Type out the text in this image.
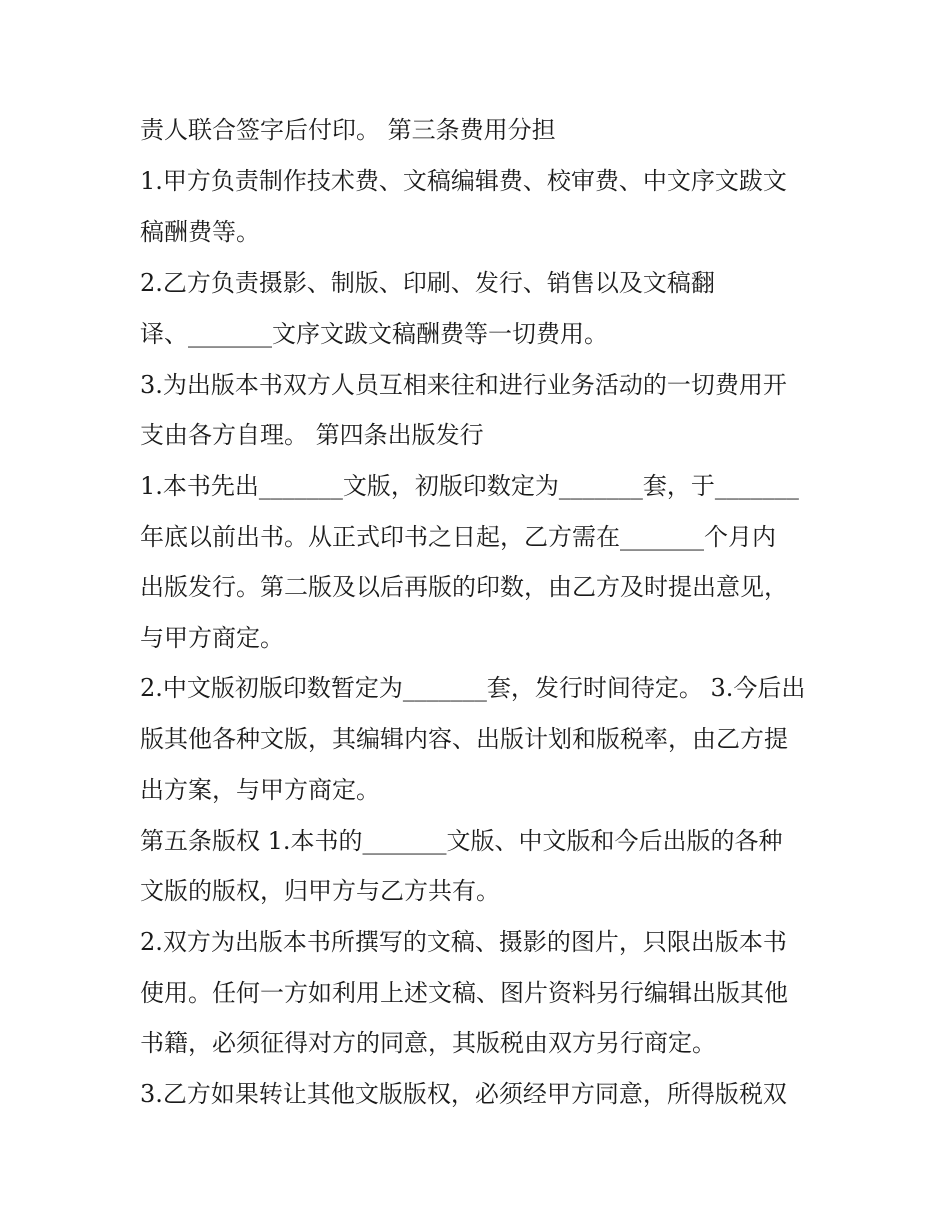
责人联合签字后付印。 第三条费用分担
1.甲方负责制作技术费、文稿编辑费、校审费、中文序文跋文
稿酬费等。
2.乙方负责摄影、制版、印刷、发行、销售以及文稿翻
译、_______文序文跋文稿酬费等一切费用。
3.为出版本书双方人员互相来往和进行业务活动的一切费用开
支由各方自理。 第四条出版发行
1.本书先出_______文版，初版印数定为_______套，于_______
年底以前出书。从正式印书之日起，乙方需在_______个月内
出版发行。第二版及以后再版的印数，由乙方及时提出意见，
与甲方商定。
2.中文版初版印数暂定为_______套，发行时间待定。 3.今后出
版其他各种文版，其编辑内容、出版计划和版税率，由乙方提
出方案，与甲方商定。
第五条版权 1.本书的_______文版、中文版和今后出版的各种
文版的版权，归甲方与乙方共有。
2.双方为出版本书所撰写的文稿、摄影的图片，只限出版本书
使用。任何一方如利用上述文稿、图片资料另行编辑出版其他
书籍，必须征得对方的同意，其版税由双方另行商定。
3.乙方如果转让其他文版版权，必须经甲方同意，所得版税双
